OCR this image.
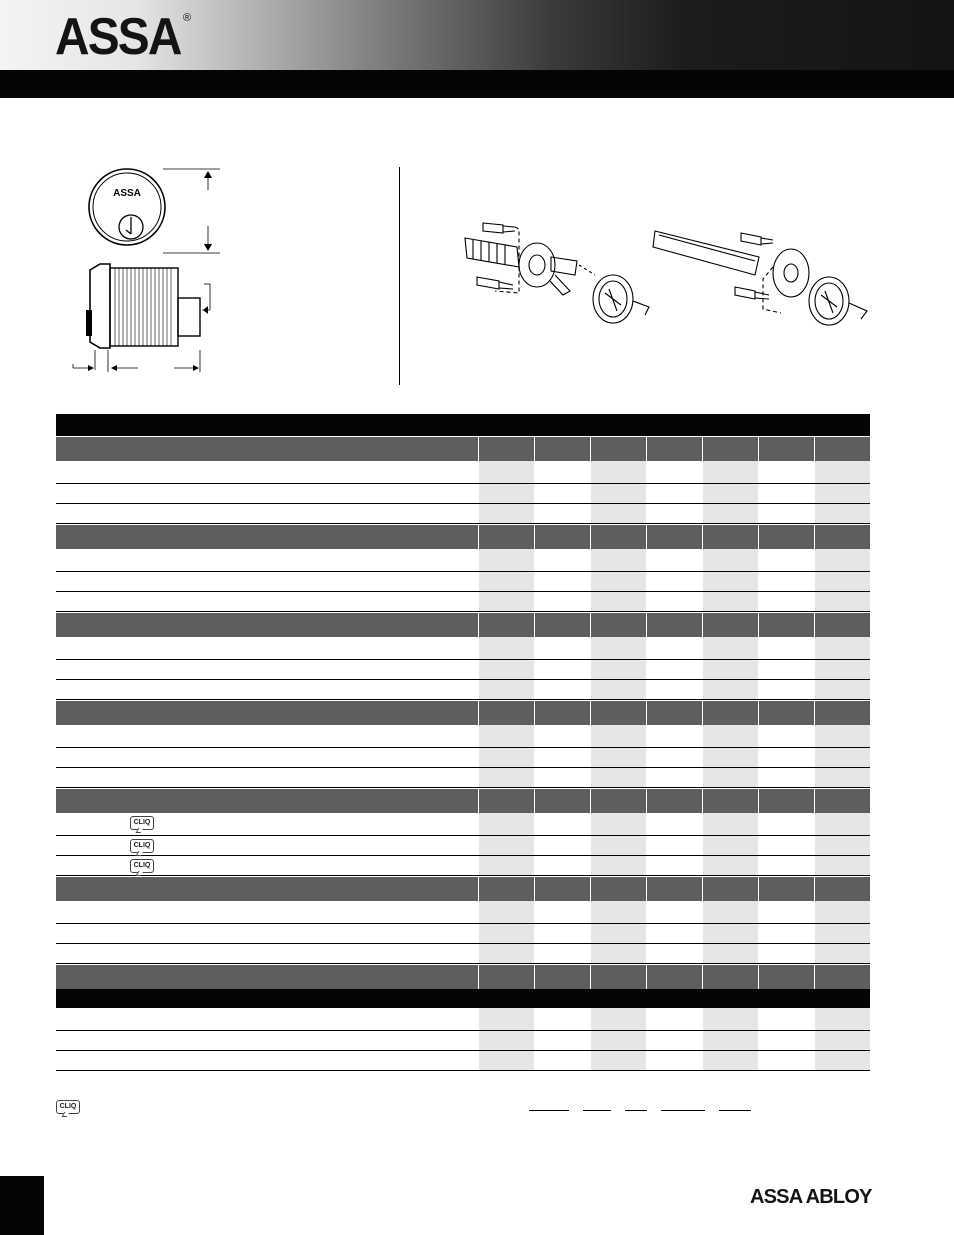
ASSA ®
ASSA
CLIQ
CLIQ
CLIQ
CLIQ
ASSA ABLOY
